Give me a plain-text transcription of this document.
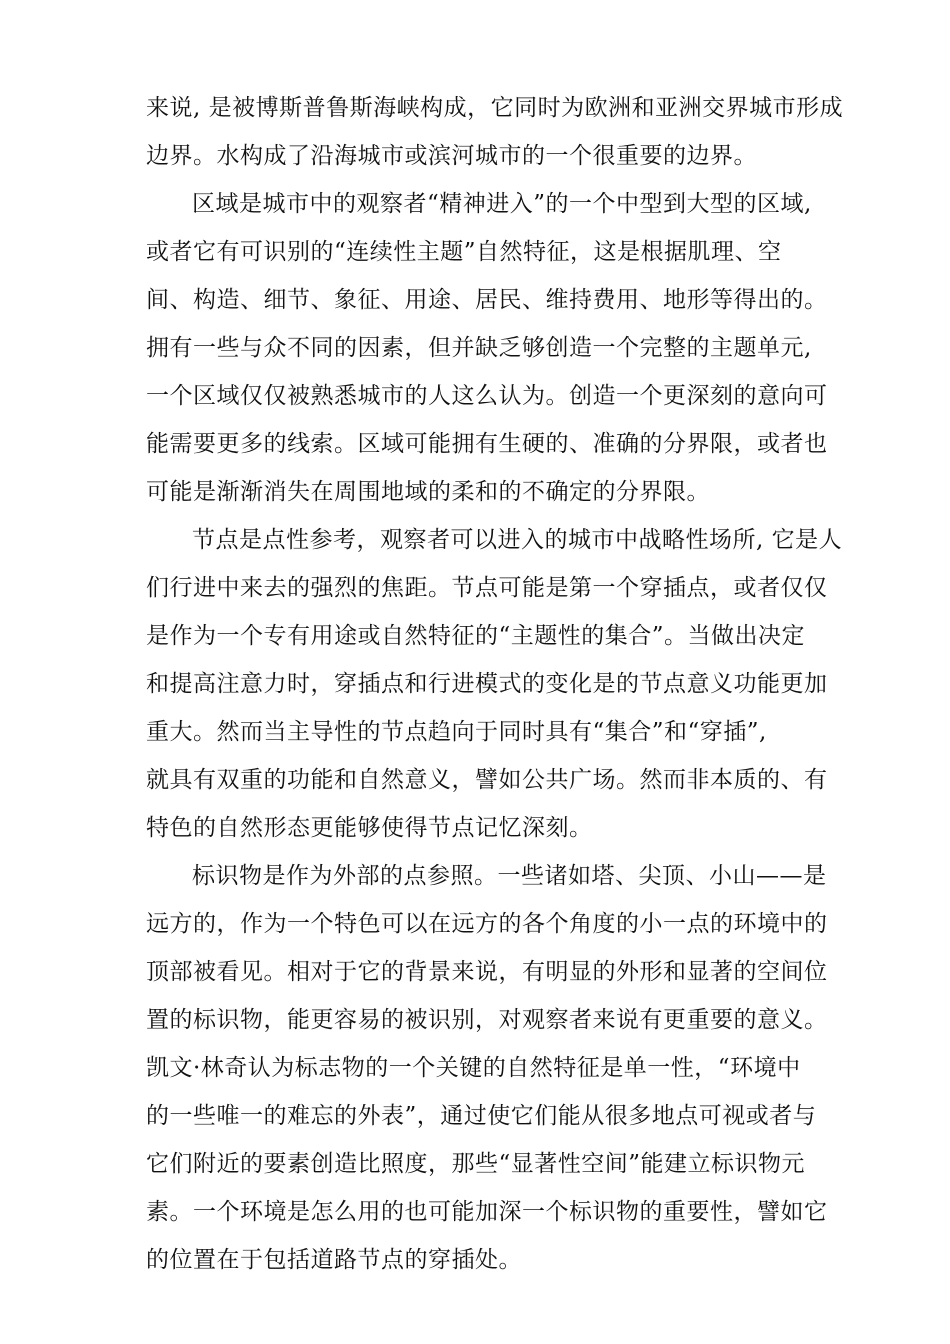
来说, 是被博斯普鲁斯海峡构成，它同时为欧洲和亚洲交界城市形成
边界。水构成了沿海城市或滨河城市的一个很重要的边界。
区域是城市中的观察者“精神进入”的一个中型到大型的区域,
或者它有可识别的“连续性主题”自然特征，这是根据肌理、空
间、构造、细节、象征、用途、居民、维持费用、地形等得出的。
拥有一些与众不同的因素，但并缺乏够创造一个完整的主题单元,
一个区域仅仅被熟悉城市的人这么认为。创造一个更深刻的意向可
能需要更多的线索。区域可能拥有生硬的、准确的分界限，或者也
可能是渐渐消失在周围地域的柔和的不确定的分界限。
节点是点性参考，观察者可以进入的城市中战略性场所, 它是人
们行进中来去的强烈的焦距。节点可能是第一个穿插点，或者仅仅
是作为一个专有用途或自然特征的“主题性的集合”。当做出决定
和提高注意力时，穿插点和行进模式的变化是的节点意义功能更加
重大。然而当主导性的节点趋向于同时具有“集合”和“穿插”,
就具有双重的功能和自然意义，譬如公共广场。然而非本质的、有
特色的自然形态更能够使得节点记忆深刻。
标识物是作为外部的点参照。一些诸如塔、尖顶、小山——是
远方的，作为一个特色可以在远方的各个角度的小一点的环境中的
顶部被看见。相对于它的背景来说，有明显的外形和显著的空间位
置的标识物，能更容易的被识别，对观察者来说有更重要的意义。
凯文·林奇认为标志物的一个关键的自然特征是单一性，“环境中
的一些唯一的难忘的外表”，通过使它们能从很多地点可视或者与
它们附近的要素创造比照度，那些“显著性空间”能建立标识物元
素。一个环境是怎么用的也可能加深一个标识物的重要性，譬如它
的位置在于包括道路节点的穿插处。
